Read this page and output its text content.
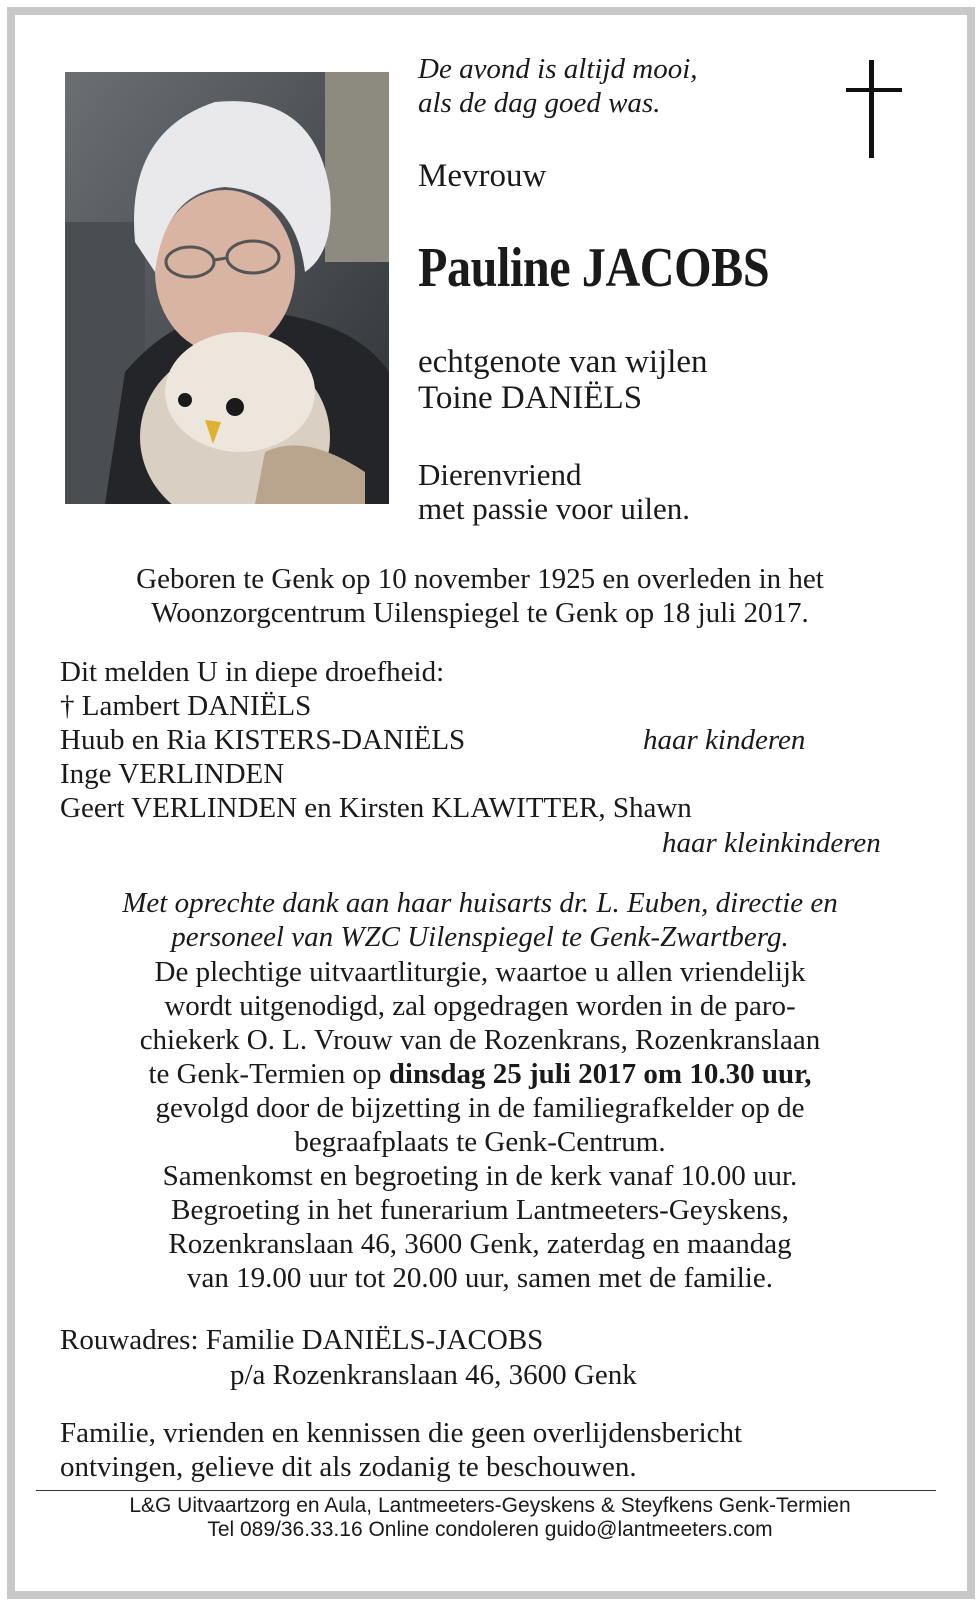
De avond is altijd mooi,
als de dag goed was.
Mevrouw
Pauline JACOBS
echtgenote van wijlen
Toine DANIËLS
Dierenvriend
met passie voor uilen.
Geboren te Genk op 10 november 1925 en overleden in het
Woonzorgcentrum Uilenspiegel te Genk op 18 juli 2017.
Dit melden U in diepe droefheid:
† Lambert DANIËLS
Huub en Ria KISTERS-DANIËLS	haar kinderen
Inge VERLINDEN
Geert VERLINDEN en Kirsten KLAWITTER, Shawn
haar kleinkinderen
Met oprechte dank aan haar huisarts dr. L. Euben, directie en
personeel van WZC Uilenspiegel te Genk-Zwartberg.
De plechtige uitvaartliturgie, waartoe u allen vriendelijk
wordt uitgenodigd, zal opgedragen worden in de paro-
chiekerk O. L. Vrouw van de Rozenkrans, Rozenkranslaan
te Genk-Termien op dinsdag 25 juli 2017 om 10.30 uur,
gevolgd door de bijzetting in de familiegrafkelder op de
begraafplaats te Genk-Centrum.
Samenkomst en begroeting in de kerk vanaf 10.00 uur.
Begroeting in het funerarium Lantmeeters-Geyskens,
Rozenkranslaan 46, 3600 Genk, zaterdag en maandag
van 19.00 uur tot 20.00 uur, samen met de familie.
Rouwadres: Familie DANIËLS-JACOBS
p/a Rozenkranslaan 46, 3600 Genk
Familie, vrienden en kennissen die geen overlijdensbericht
ontvingen, gelieve dit als zodanig te beschouwen.
L&G Uitvaartzorg en Aula, Lantmeeters-Geyskens & Steyfkens Genk-Termien
Tel 089/36.33.16 Online condoleren guido@lantmeeters.com
